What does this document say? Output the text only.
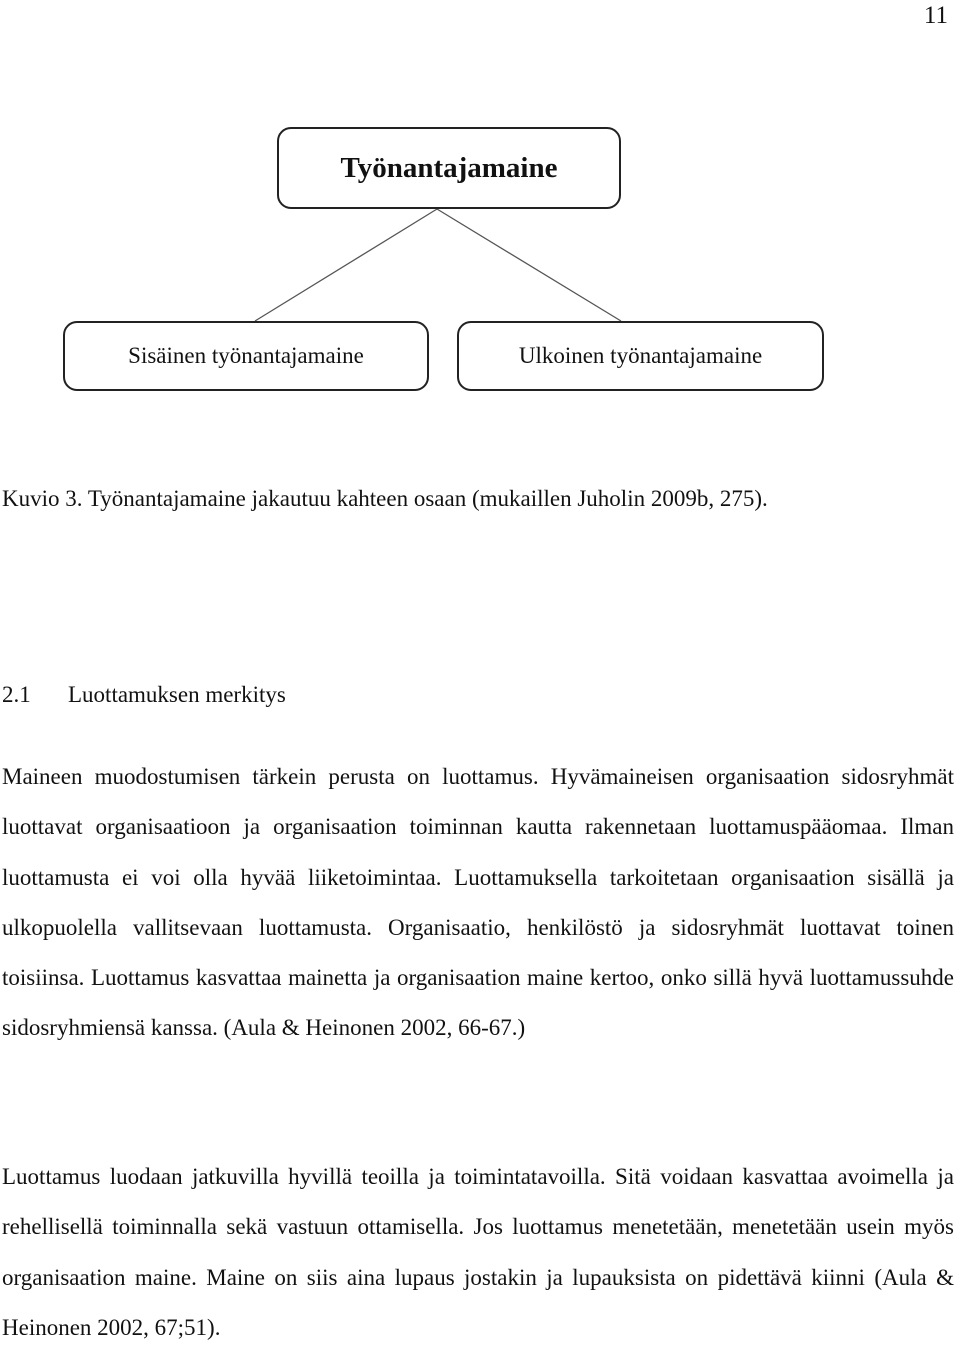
11
Työnantajamaine
Sisäinen työnantajamaine	Ulkoinen työnantajamaine
Kuvio 3. Työnantajamaine jakautuu kahteen osaan (mukaillen Juholin 2009b, 275).
2.1	Luottamuksen merkitys
Maineen muodostumisen tärkein perusta on luottamus. Hyvämaineisen organisaation sidosryhmät luottavat organisaatioon ja organisaation toiminnan kautta rakennetaan luottamuspääomaa. Ilman luottamusta ei voi olla hyvää liiketoimintaa. Luottamuksella tarkoitetaan organisaation sisällä ja ulkopuolella vallitsevaan luottamusta. Organisaatio, henkilöstö ja sidosryhmät luottavat toinen toisiinsa. Luottamus kasvattaa mainetta ja organisaation maine kertoo, onko sillä hyvä luottamussuhde sidosryhmiensä kanssa. (Aula & Heinonen 2002, 66-67.)
Luottamus luodaan jatkuvilla hyvillä teoilla ja toimintatavoilla. Sitä voidaan kasvattaa avoimella ja rehellisellä toiminnalla sekä vastuun ottamisella. Jos luottamus menetetään, menetetään usein myös organisaation maine. Maine on siis aina lupaus jostakin ja lupauksista on pidettävä kiinni (Aula & Heinonen 2002, 67;51).
